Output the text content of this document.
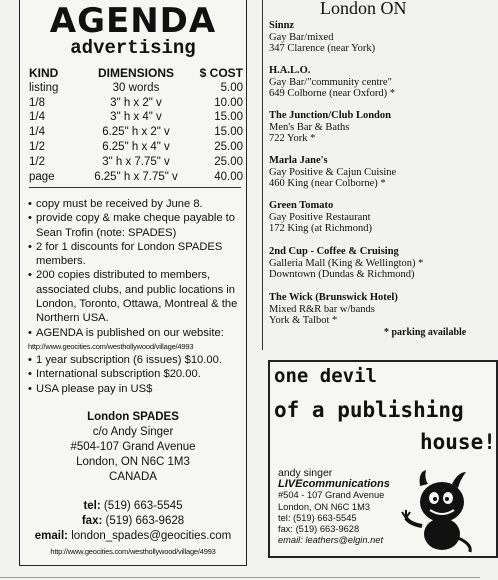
AGENDA
advertising
KIND	DIMENSIONS	$ COST
listing	30 words	5.00
1/8	3" h x 2" v	10.00
1/4	3" h x 4" v	15.00
1/4	6.25" h x 2" v	15.00
1/2	6.25" h x 4" v	25.00
1/2	3" h x 7.75" v	25.00
page	6.25" h x 7.75" v	40.00
• copy must be received by June 8.
• provide copy & make cheque payable to Sean Trofin (note: SPADES)
• 2 for 1 discounts for London SPADES members.
• 200 copies distributed to members, associated clubs, and public locations in London, Toronto, Ottawa, Montreal & the Northern USA.
• AGENDA is published on our website:
http://www.geocities.com/westhollywood/village/4993
• 1 year subscription (6 issues) $10.00.
• International subscription $20.00.
• USA please pay in US$
London SPADES
c/o Andy Singer
#504-107 Grand Avenue
London, ON N6C 1M3
CANADA
tel: (519) 663-5545
fax: (519) 663-9628
email: london_spades@geocities.com
http://www.geocities.com/westhollywood/village/4993
London ON
Sinnz
Gay Bar/mixed
347 Clarence (near York)
H.A.L.O.
Gay Bar/"community centre"
649 Colborne (near Oxford) *
The Junction/Club London
Men's Bar & Baths
722 York *
Marla Jane's
Gay Positive & Cajun Cuisine
460 King (near Colborne) *
Green Tomato
Gay Positive Restaurant
172 King (at Richmond)
2nd Cup - Coffee & Cruising
Galleria Mall (King & Wellington) *
Downtown (Dundas & Richmond)
The Wick (Brunswick Hotel)
Mixed R&R bar w/bands
York & Talbot *
* parking available
one devil
of a publishing
house!
andy singer
LIVEcommunications
#504 - 107 Grand Avenue
London, ON N6C 1M3
tel: (519) 663-5545
fax: (519) 663-9628
email: leathers@elgin.net
